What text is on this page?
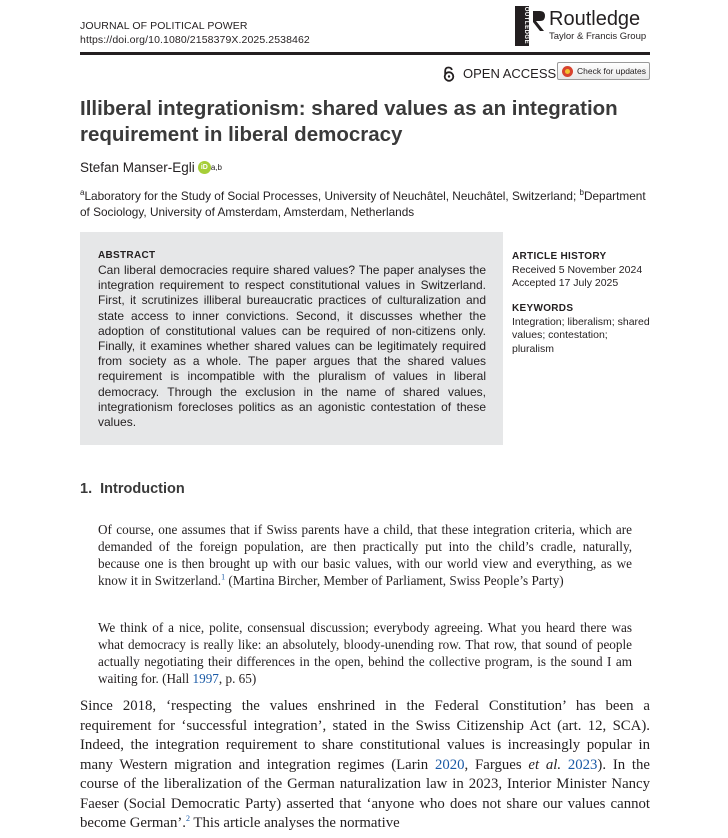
JOURNAL OF POLITICAL POWER
https://doi.org/10.1080/2158379X.2025.2538462	ROUTLEDGE Routledge
Taylor & Francis Group
OPEN ACCESS Check for updates
Illiberal integrationism: shared values as an integration requirement in liberal democracy
Stefan Manser-Egli iD a,b
$^a$Laboratory for the Study of Social Processes, University of Neuchâtel, Neuchâtel, Switzerland; $^b$Department of Sociology, University of Amsterdam, Amsterdam, Netherlands
ABSTRACT
Can liberal democracies require shared values? The paper analyses the integration requirement to respect constitutional values in Switzerland. First, it scrutinizes illiberal bureaucratic practices of culturalization and state access to inner convictions. Second, it discusses whether the adoption of constitutional values can be required of non-citizens only. Finally, it examines whether shared values can be legitimately required from society as a whole. The paper argues that the shared values requirement is incompatible with the pluralism of values in liberal democracy. Through the exclusion in the name of shared values, integrationism forecloses politics as an agonistic contestation of these values.
ARTICLE HISTORY
Received 5 November 2024
Accepted 17 July 2025
KEYWORDS
Integration; liberalism; shared values; contestation; pluralism
1. Introduction
Of course, one assumes that if Swiss parents have a child, that these integration criteria, which are demanded of the foreign population, are then practically put into the child’s cradle, naturally, because one is then brought up with our basic values, with our world view and everything, as we know it in Switzerland.$^1$ (Martina Bircher, Member of Parliament, Swiss People’s Party)
We think of a nice, polite, consensual discussion; everybody agreeing. What you heard there was what democracy is really like: an absolutely, bloody-unending row. That row, that sound of people actually negotiating their differences in the open, behind the collective program, is the sound I am waiting for. (Hall 1997, p. 65)
Since 2018, ‘respecting the values enshrined in the Federal Constitution’ has been a requirement for ‘successful integration’, stated in the Swiss Citizenship Act (art. 12, SCA). Indeed, the integration requirement to share constitutional values is increasingly popular in many Western migration and integration regimes (Larin 2020, Fargues et al. 2023). In the course of the liberalization of the German naturalization law in 2023, Interior Minister Nancy Faeser (Social Democratic Party) asserted that ‘anyone who does not share our values cannot become German’.$^2$ This article analyses the normative
